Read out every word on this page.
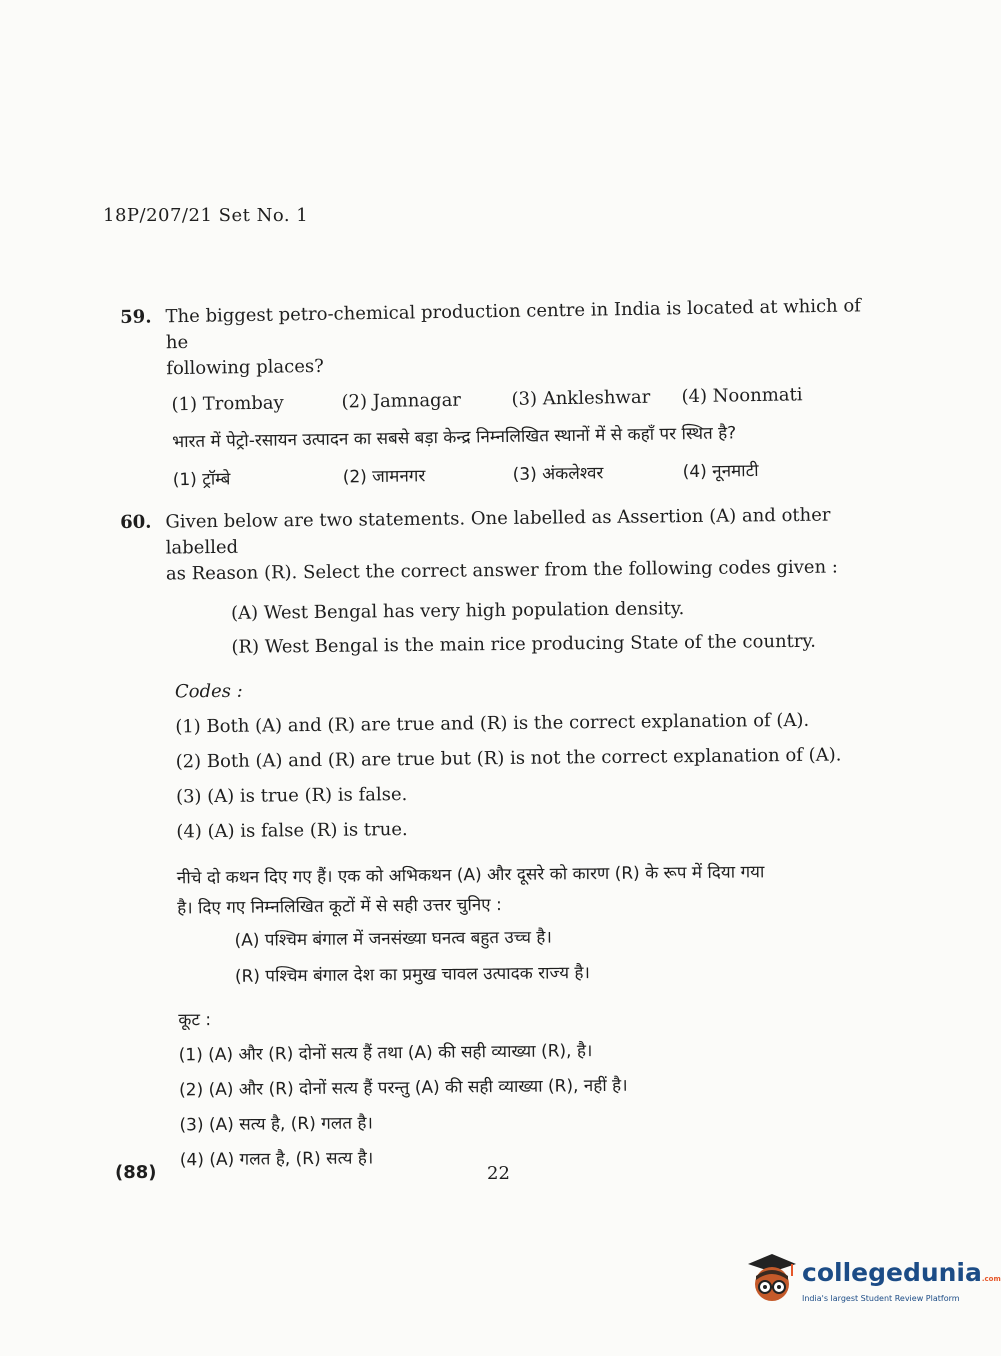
18P/207/21 Set No. 1
59. The biggest petro-chemical production centre in India is located at which of he
following places?
(1) Trombay	(2) Jamnagar	(3) Ankleshwar	(4) Noonmati
भारत में पेट्रो-रसायन उत्पादन का सबसे बड़ा केन्द्र निम्नलिखित स्थानों में से कहाँ पर स्थित है?
(1) ट्रॉम्बे	(2) जामनगर	(3) अंकलेश्वर	(4) नूनमाटी
60. Given below are two statements. One labelled as Assertion (A) and other labelled
as Reason (R). Select the correct answer from the following codes given :
(A) West Bengal has very high population density.
(R) West Bengal is the main rice producing State of the country.
Codes :
(1) Both (A) and (R) are true and (R) is the correct explanation of (A).
(2) Both (A) and (R) are true but (R) is not the correct explanation of (A).
(3) (A) is true (R) is false.
(4) (A) is false (R) is true.
नीचे दो कथन दिए गए हैं। एक को अभिकथन (A) और दूसरे को कारण (R) के रूप में दिया गया
है। दिए गए निम्नलिखित कूटों में से सही उत्तर चुनिए :
(A) पश्चिम बंगाल में जनसंख्या घनत्व बहुत उच्च है।
(R) पश्चिम बंगाल देश का प्रमुख चावल उत्पादक राज्य है।
कूट :
(1) (A) और (R) दोनों सत्य हैं तथा (A) की सही व्याख्या (R), है।
(2) (A) और (R) दोनों सत्य हैं परन्तु (A) की सही व्याख्या (R), नहीं है।
(3) (A) सत्य है, (R) गलत है।
(4) (A) गलत है, (R) सत्य है।
(88)	22
collegedunia.com
India's largest Student Review Platform
